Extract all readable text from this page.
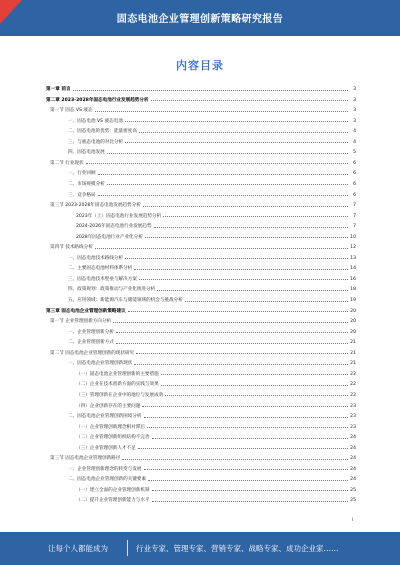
固态电池企业管理创新策略研究报告
内容目录
第一章 前言	3
第二章 2023-2028年固态电池行业发展趋势分析	3
第一节 固态 VS 液态	3
一、固态电池 VS 液态电池	3
二、固态电池的优势：能量密度高	4
三、与液态电池的对比分析	4
四、固态电池发展	5
第二节 行业现状	6
一、行业回顾	6
二、市场规模分析	6
三、竞争格局	6
第三节 2023-2028年固态电池发展趋势分析	7
2023年（上）固态电池行业发展趋势分析	7
2024-2026年固态电池行业发展趋势	7
2028年固态电池行业产业化分析	10
第四节 技术路线分析	12
一、固态电池技术路线分析	13
二、主要固态电池材料体系分析	14
三、固态电池技术壁垒与解决方案	16
四、政策规划：政策推动与产业化推进分析	18
五、应用领域：新能源汽车与储能领域的机会与挑战分析	19
第三章 固态电池企业管理创新策略建议	20
第一节 企业管理创新方向分析	20
一、企业管理创新分析	20
二、企业管理创新方式	21
第二节 固态电池企业管理创新的现状研究	21
一、固态电池企业管理创新现状	21
（一）固态电池企业管理创新的主要措施	22
（二）企业在技术创新方面的实践与效果	22
（三）管理创新在企业中的地位与发展成效	22
（四）企业创新存在的主要问题	23
二、固态电池企业管理创新困境分析	23
（一）企业管理创新理念相对滞后	23
（二）企业管理创新组织结构不完善	24
（三）企业管理创新人才不足	24
第三节 固态电池企业管理创新路径	24
一、企业管理创新理念的转变与发展	24
二、固态电池企业管理创新的关键要素	24
（一）建立全面的企业管理创新机制	25
（二）提升企业管理创新能力与水平	25
I
让每个人都能成为	行业专家、管理专家、营销专家、战略专家、成功企业家……
